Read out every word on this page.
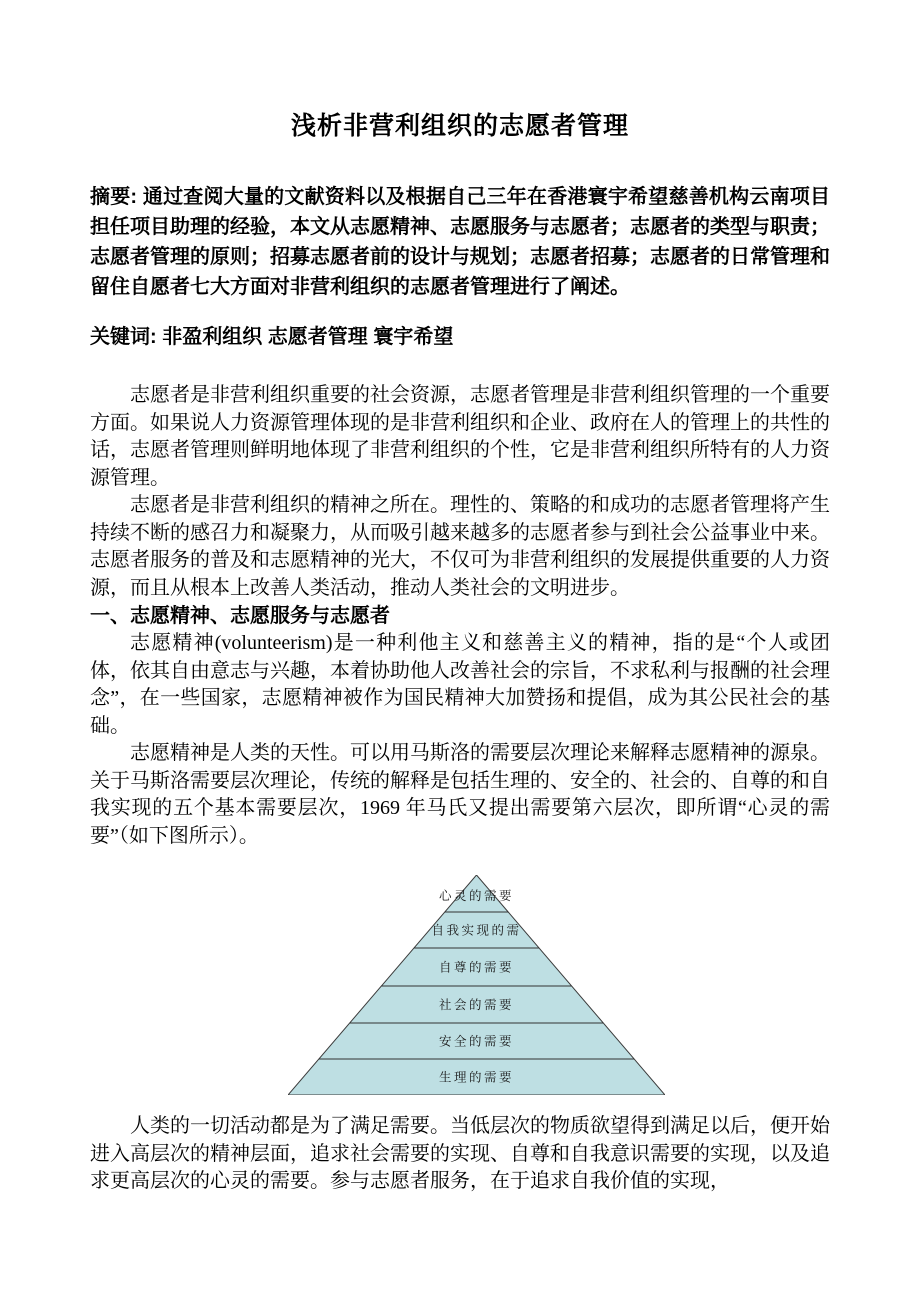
浅析非营利组织的志愿者管理

摘要: 通过查阅大量的文献资料以及根据自己三年在香港寰宇希望慈善机构云南项目担任项目助理的经验，本文从志愿精神、志愿服务与志愿者；志愿者的类型与职责；志愿者管理的原则；招募志愿者前的设计与规划；志愿者招募；志愿者的日常管理和留住自愿者七大方面对非营利组织的志愿者管理进行了阐述。

关键词: 非盈利组织 志愿者管理 寰宇希望

志愿者是非营利组织重要的社会资源，志愿者管理是非营利组织管理的一个重要方面。如果说人力资源管理体现的是非营利组织和企业、政府在人的管理上的共性的话，志愿者管理则鲜明地体现了非营利组织的个性，它是非营利组织所特有的人力资源管理。

志愿者是非营利组织的精神之所在。理性的、策略的和成功的志愿者管理将产生持续不断的感召力和凝聚力，从而吸引越来越多的志愿者参与到社会公益事业中来。志愿者服务的普及和志愿精神的光大，不仅可为非营利组织的发展提供重要的人力资源，而且从根本上改善人类活动，推动人类社会的文明进步。

一、志愿精神、志愿服务与志愿者

志愿精神(volunteerism)是一种利他主义和慈善主义的精神，指的是“个人或团体，依其自由意志与兴趣，本着协助他人改善社会的宗旨，不求私利与报酬的社会理念”，在一些国家，志愿精神被作为国民精神大加赞扬和提倡，成为其公民社会的基础。

志愿精神是人类的天性。可以用马斯洛的需要层次理论来解释志愿精神的源泉。关于马斯洛需要层次理论，传统的解释是包括生理的、安全的、社会的、自尊的和自我实现的五个基本需要层次，1969 年马氏又提出需要第六层次，即所谓“心灵的需要”（如下图所示）。

心灵的需要
自我实现的需
自尊的需要
社会的需要
安全的需要
生理的需要

人类的一切活动都是为了满足需要。当低层次的物质欲望得到满足以后，便开始进入高层次的精神层面，追求社会需要的实现、自尊和自我意识需要的实现，以及追求更高层次的心灵的需要。参与志愿者服务，在于追求自我价值的实现，
